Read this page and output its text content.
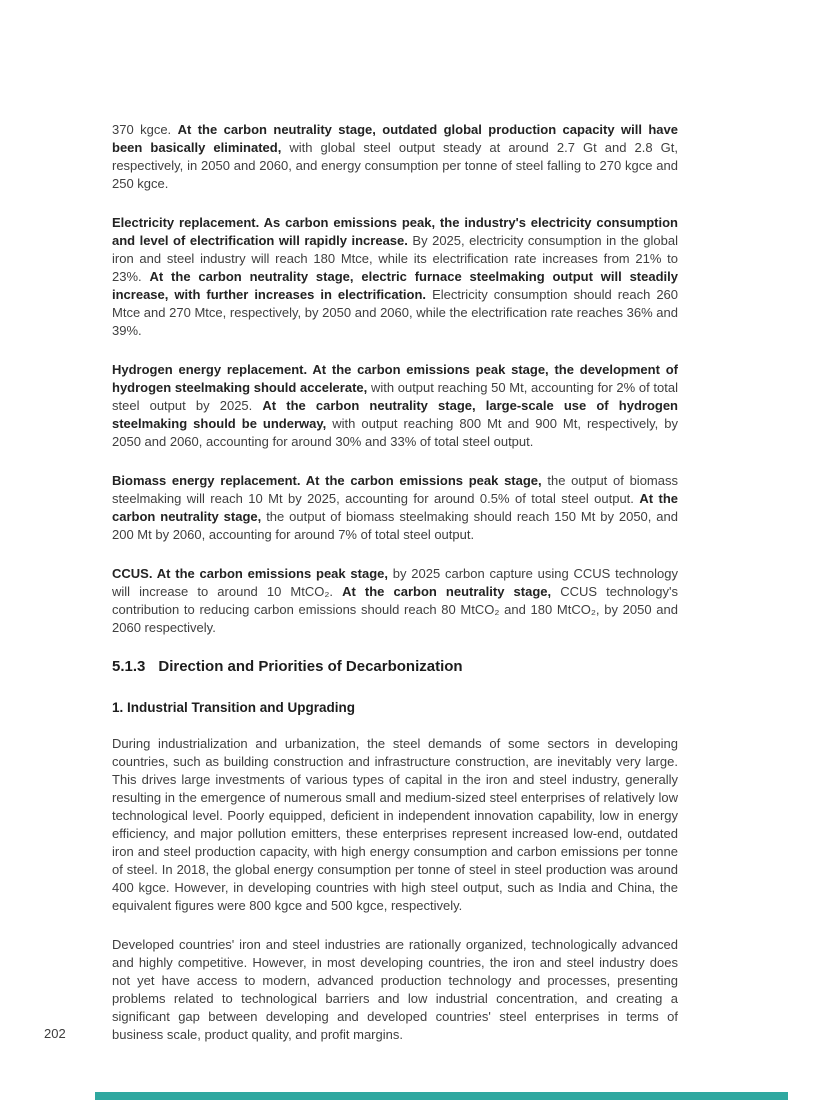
370 kgce. At the carbon neutrality stage, outdated global production capacity will have been basically eliminated, with global steel output steady at around 2.7 Gt and 2.8 Gt, respectively, in 2050 and 2060, and energy consumption per tonne of steel falling to 270 kgce and 250 kgce.

Electricity replacement. As carbon emissions peak, the industry's electricity consumption and level of electrification will rapidly increase. By 2025, electricity consumption in the global iron and steel industry will reach 180 Mtce, while its electrification rate increases from 21% to 23%. At the carbon neutrality stage, electric furnace steelmaking output will steadily increase, with further increases in electrification. Electricity consumption should reach 260 Mtce and 270 Mtce, respectively, by 2050 and 2060, while the electrification rate reaches 36% and 39%.

Hydrogen energy replacement. At the carbon emissions peak stage, the development of hydrogen steelmaking should accelerate, with output reaching 50 Mt, accounting for 2% of total steel output by 2025. At the carbon neutrality stage, large-scale use of hydrogen steelmaking should be underway, with output reaching 800 Mt and 900 Mt, respectively, by 2050 and 2060, accounting for around 30% and 33% of total steel output.

Biomass energy replacement. At the carbon emissions peak stage, the output of biomass steelmaking will reach 10 Mt by 2025, accounting for around 0.5% of total steel output. At the carbon neutrality stage, the output of biomass steelmaking should reach 150 Mt by 2050, and 200 Mt by 2060, accounting for around 7% of total steel output.

CCUS. At the carbon emissions peak stage, by 2025 carbon capture using CCUS technology will increase to around 10 MtCO₂. At the carbon neutrality stage, CCUS technology's contribution to reducing carbon emissions should reach 80 MtCO₂ and 180 MtCO₂, by 2050 and 2060 respectively.

5.1.3 Direction and Priorities of Decarbonization
1. Industrial Transition and Upgrading

During industrialization and urbanization, the steel demands of some sectors in developing countries, such as building construction and infrastructure construction, are inevitably very large. This drives large investments of various types of capital in the iron and steel industry, generally resulting in the emergence of numerous small and medium-sized steel enterprises of relatively low technological level. Poorly equipped, deficient in independent innovation capability, low in energy efficiency, and major pollution emitters, these enterprises represent increased low-end, outdated iron and steel production capacity, with high energy consumption and carbon emissions per tonne of steel. In 2018, the global energy consumption per tonne of steel in steel production was around 400 kgce. However, in developing countries with high steel output, such as India and China, the equivalent figures were 800 kgce and 500 kgce, respectively.

Developed countries' iron and steel industries are rationally organized, technologically advanced and highly competitive. However, in most developing countries, the iron and steel industry does not yet have access to modern, advanced production technology and processes, presenting problems related to technological barriers and low industrial concentration, and creating a significant gap between developing and developed countries' steel enterprises in terms of business scale, product quality, and profit margins.

202
